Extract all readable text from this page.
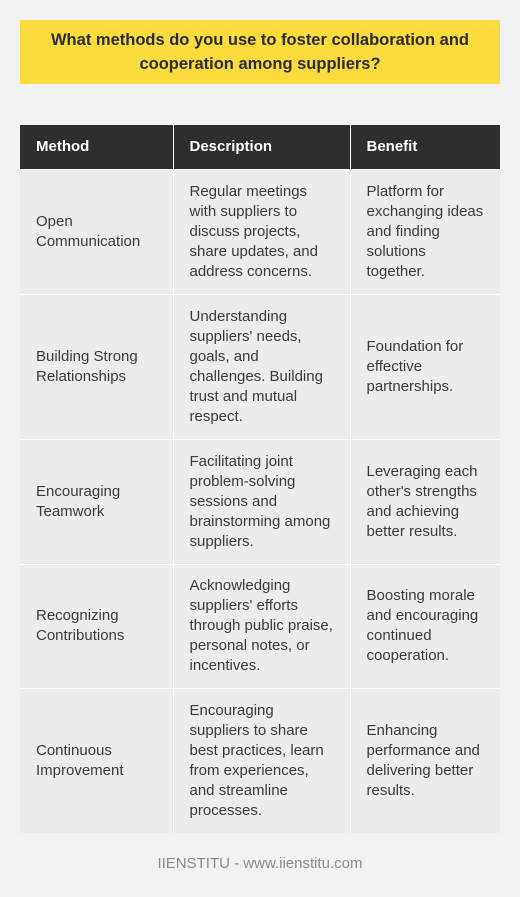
What methods do you use to foster collaboration and cooperation among suppliers?
Method	Description	Benefit
Open Communication	Regular meetings with suppliers to discuss projects, share updates, and address concerns.	Platform for exchanging ideas and finding solutions together.
Building Strong Relationships	Understanding suppliers' needs, goals, and challenges. Building trust and mutual respect.	Foundation for effective partnerships.
Encouraging Teamwork	Facilitating joint problem-solving sessions and brainstorming among suppliers.	Leveraging each other's strengths and achieving better results.
Recognizing Contributions	Acknowledging suppliers' efforts through public praise, personal notes, or incentives.	Boosting morale and encouraging continued cooperation.
Continuous Improvement	Encouraging suppliers to share best practices, learn from experiences, and streamline processes.	Enhancing performance and delivering better results.
IIENSTITU - www.iienstitu.com
